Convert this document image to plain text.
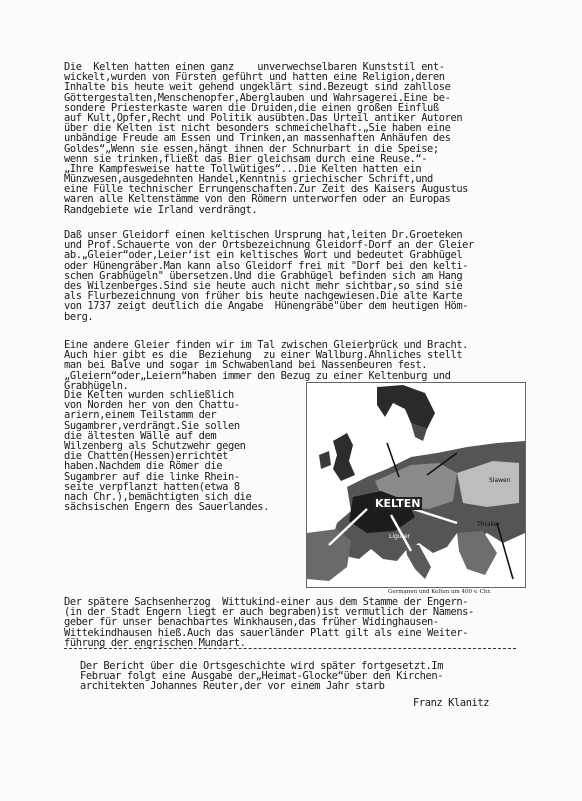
Die  Kelten hatten einen ganz    unverwechselbaren Kunststil ent-
wickelt,wurden von Fürsten geführt und hatten eine Religion,deren
Inhalte bis heute weit gehend ungeklärt sind.Bezeugt sind zahllose
Göttergestalten,Menschenopfer,Aberglauben und Wahrsagerei.Eine be-
sondere Priesterkaste waren die Druiden,die einen großen Einfluß
auf Kult,Opfer,Recht und Politik ausübten.Das Urteil antiker Autoren
über die Kelten ist nicht besonders schmeichelhaft.„Sie haben eine
unbändige Freude am Essen und Trinken,an massenhaften Anhäufen des
Goldes“„Wenn sie essen,hängt ihnen der Schnurbart in die Speise;
wenn sie trinken,fließt das Bier gleichsam durch eine Reuse.“-
„Ihre Kampfesweise hatte Tollwütiges“...Die Kelten hatten ein
Münzwesen,ausgedehnten Handel,Kenntnis griechischer Schrift,und
eine Fülle technischer Errungenschaften.Zur Zeit des Kaisers Augustus
waren alle Keltenstämme von den Römern unterworfen oder an Europas
Randgebiete wie Irland verdrängt.
Daß unser Gleidorf einen keltischen Ursprung hat,leiten Dr.Groeteken
und Prof.Schauerte von der Ortsbezeichnung Gleidorf-Dorf an der Gleier
ab.„Gleier“oder‚Leier‘ist ein keltisches Wort und bedeutet Grabhügel
oder Hünengräber.Man kann also Gleidorf frei mit "Dorf bei den kelti-
schen Grabhügeln" übersetzen.Und die Grabhügel befinden sich am Hang
des Wilzenberges.Sind sie heute auch nicht mehr sichtbar,so sind sie
als Flurbezeichnung von früher bis heute nachgewiesen.Die alte Karte
von 1737 zeigt deutlich die Angabe  Hünengräbe"über dem heutigen Höm-
berg.
Eine andere Gleier finden wir im Tal zwischen Gleierbrück und Bracht.
Auch hier gibt es die  Beziehung  zu einer Wallburg.Ähnliches stellt
man bei Balve und sogar im Schwabenland bei Nassenbeuren fest.
„Gleiern“oder„Leiern“haben immer den Bezug zu einer Keltenburg und
Grabhügeln.
Die Kelten wurden schließlich
von Norden her von den Chattu-
ariern,einem Teilstamm der
Sugambrer,verdrängt.Sie sollen
die ältesten Wälle auf dem
Wilzenberg als Schutzwehr gegen
die Chatten(Hessen)errichtet
haben.Nachdem die Römer die
Sugambrer auf die linke Rhein-
seite verpflanzt hatten(etwa 8
nach Chr.),bemächtigten sich die
sächsischen Engern des Sauerlandes.	KELTEN
Slawen
Thraker
Keltiberer
Ligurer
Germanen und Kelten um 400 v. Chr.
Der spätere Sachsenherzog  Wittukind-einer aus dem Stamme der Engern-
(in der Stadt Engern liegt er auch begraben)ist vermutlich der Namens-
geber für unser benachbartes Winkhausen,das früher Widinghausen-
Wittekindhausen hieß.Auch das sauerländer Platt gilt als eine Weiter-
führung der engrischen Mundart.
Der Bericht über die Ortsgeschichte wird später fortgesetzt.Im
Februar folgt eine Ausgabe der„Heimat-Glocke“über den Kirchen-
architekten Johannes Reuter,der vor einem Jahr starb
Franz Klanitz
